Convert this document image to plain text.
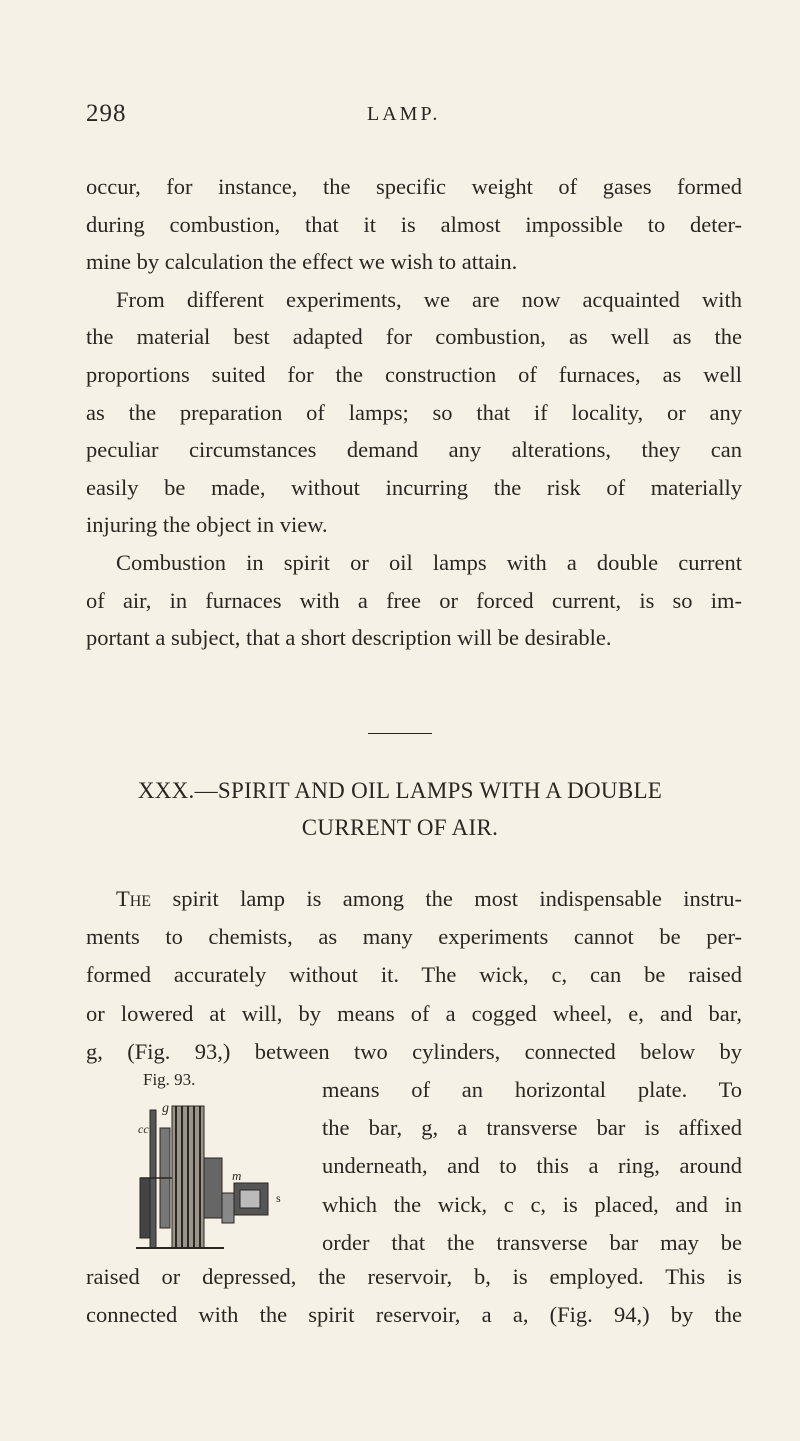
298	LAMP.
occur, for instance, the specific weight of gases formed
during combustion, that it is almost impossible to deter-
mine by calculation the effect we wish to attain.
From different experiments, we are now acquainted with
the material best adapted for combustion, as well as the
proportions suited for the construction of furnaces, as well
as the preparation of lamps; so that if locality, or any
peculiar circumstances demand any alterations, they can
easily be made, without incurring the risk of materially
injuring the object in view.
Combustion in spirit or oil lamps with a double current
of air, in furnaces with a free or forced current, is so im-
portant a subject, that a short description will be desirable.
XXX.—SPIRIT AND OIL LAMPS WITH A DOUBLE
CURRENT OF AIR.
The spirit lamp is among the most indispensable instru-
ments to chemists, as many experiments cannot be per-
formed accurately without it. The wick, c, can be raised
or lowered at will, by means of a cogged wheel, e, and bar,
g, (Fig. 93,) between two cylinders, connected below by
Fig. 93.
g
cc
m
s
means of an horizontal plate. To
the bar, g, a transverse bar is affixed
underneath, and to this a ring, around
which the wick, c c, is placed, and in
order that the transverse bar may be
raised or depressed, the reservoir, b, is employed. This is
connected with the spirit reservoir, a a, (Fig. 94,) by the
